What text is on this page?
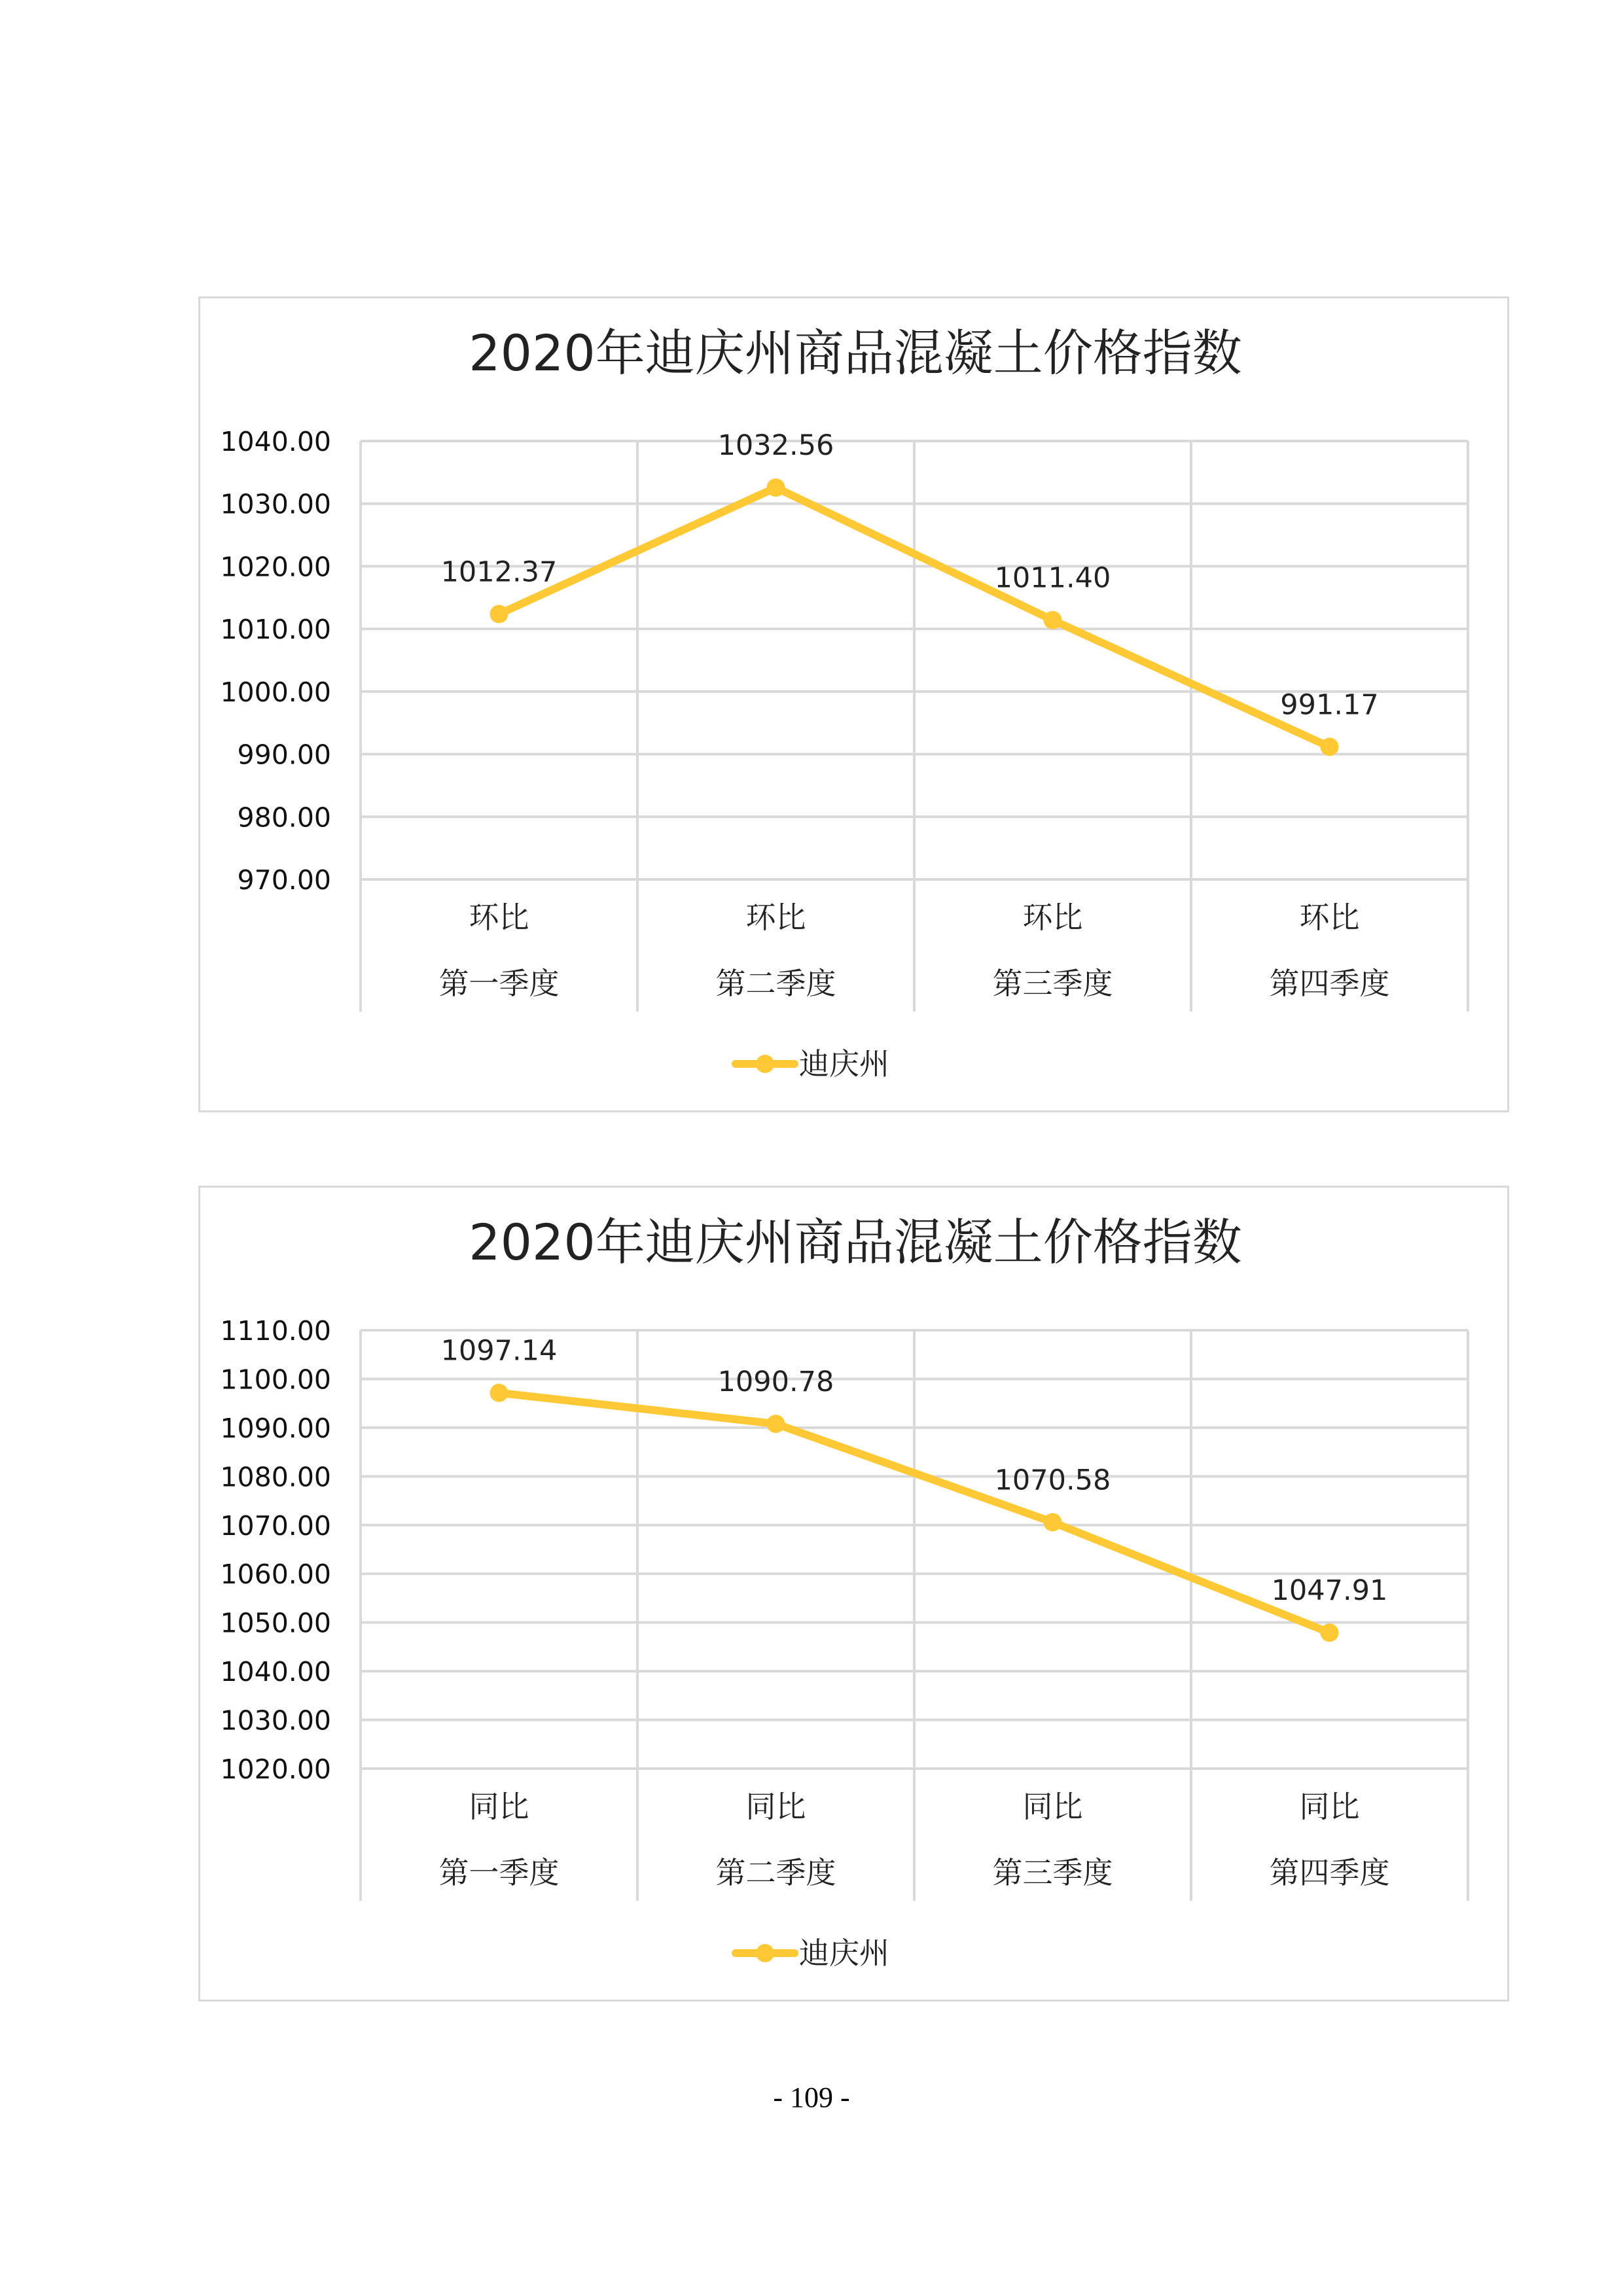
2020年迪庆州商品混凝土价格指数
1040.00
1030.00
1020.00
1010.00
1000.00
990.00
980.00
970.00
环比
第一季度
环比
第二季度
环比
第三季度
环比
第四季度
1012.37
1032.56
1011.40
991.17
迪庆州
2020年迪庆州商品混凝土价格指数
1110.00
1100.00
1090.00
1080.00
1070.00
1060.00
1050.00
1040.00
1030.00
1020.00
同比
第一季度
同比
第二季度
同比
第三季度
同比
第四季度
1097.14
1090.78
1070.58
1047.91
迪庆州
- 109 -
